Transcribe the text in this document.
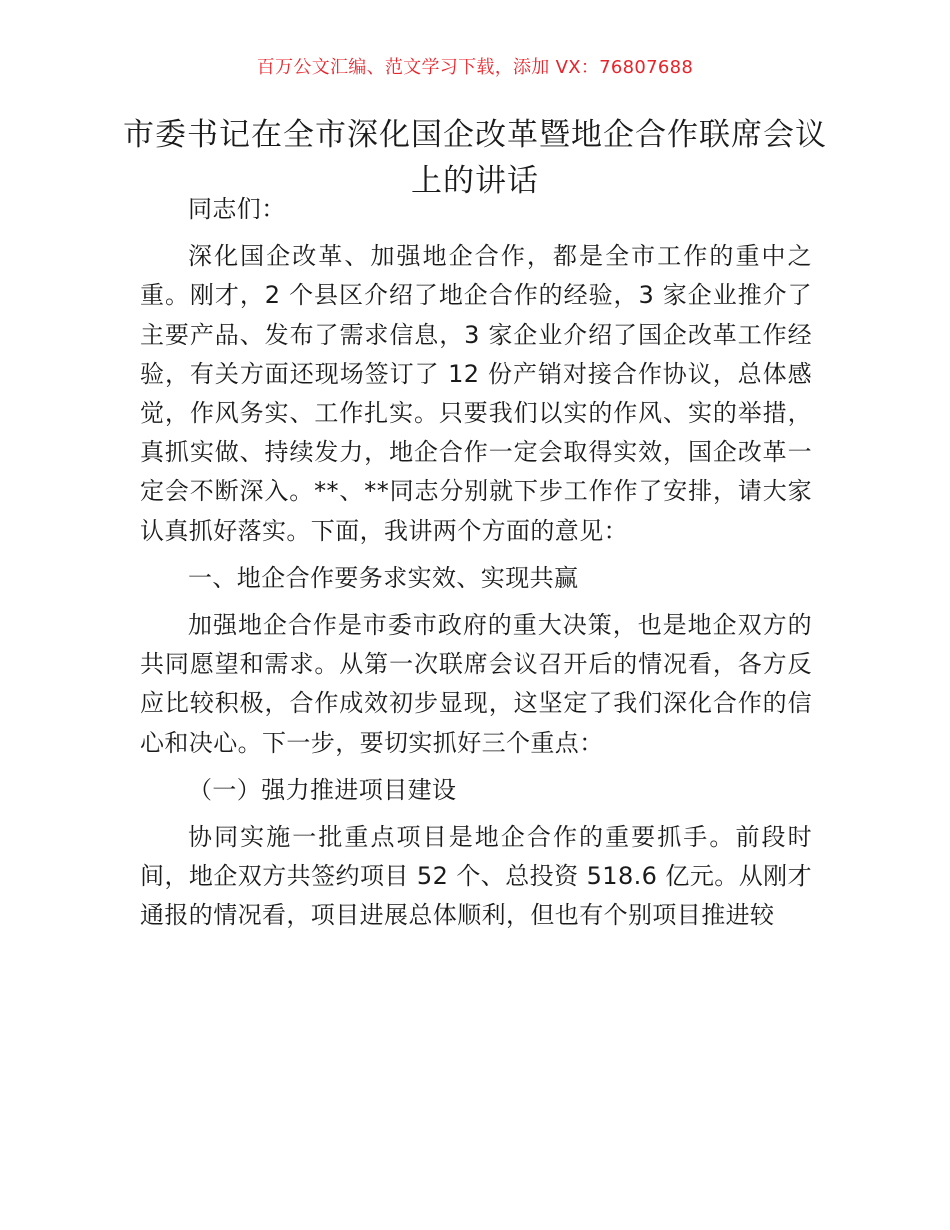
百万公文汇编、范文学习下载，添加 VX：76807688
市委书记在全市深化国企改革暨地企合作联席会议上的讲话

同志们：

深化国企改革、加强地企合作，都是全市工作的重中之重。刚才，2 个县区介绍了地企合作的经验，3 家企业推介了主要产品、发布了需求信息，3 家企业介绍了国企改革工作经验，有关方面还现场签订了 12 份产销对接合作协议，总体感觉，作风务实、工作扎实。只要我们以实的作风、实的举措，真抓实做、持续发力，地企合作一定会取得实效，国企改革一定会不断深入。**、**同志分别就下步工作作了安排，请大家认真抓好落实。下面，我讲两个方面的意见：

一、地企合作要务求实效、实现共赢

加强地企合作是市委市政府的重大决策，也是地企双方的共同愿望和需求。从第一次联席会议召开后的情况看，各方反应比较积极，合作成效初步显现，这坚定了我们深化合作的信心和决心。下一步，要切实抓好三个重点：

（一）强力推进项目建设

协同实施一批重点项目是地企合作的重要抓手。前段时间，地企双方共签约项目 52 个、总投资 518.6 亿元。从刚才通报的情况看，项目进展总体顺利，但也有个别项目推进较
